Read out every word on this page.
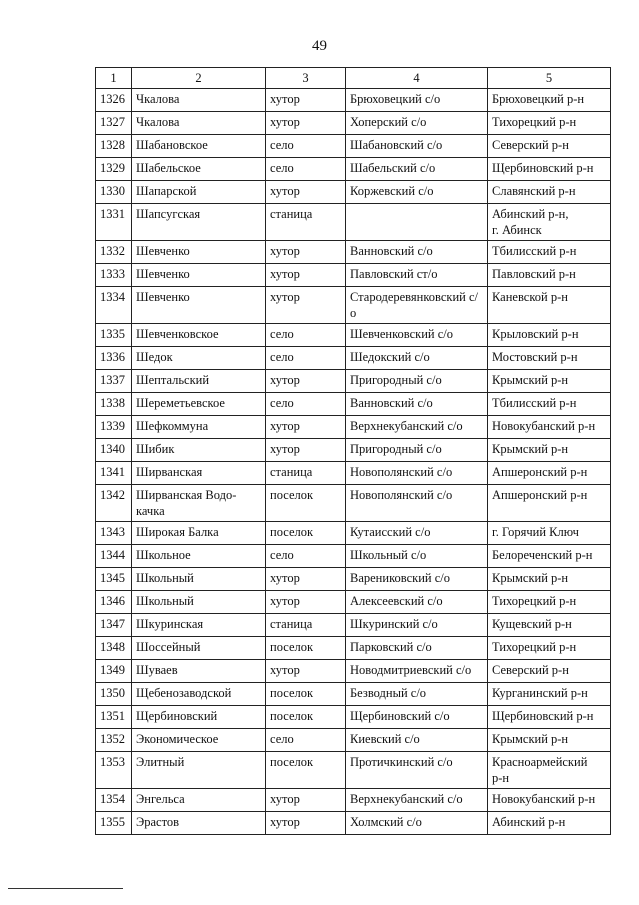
49
1	2	3	4	5
1326	Чкалова	хутор	Брюховецкий с/о	Брюховецкий р-н
1327	Чкалова	хутор	Хоперский с/о	Тихорецкий р-н
1328	Шабановское	село	Шабановский с/о	Северский р-н
1329	Шабельское	село	Шабельский с/о	Щербиновский р-н
1330	Шапарской	хутор	Коржевский с/о	Славянский р-н
1331	Шапсугская	станица		Абинский р-н,
г. Абинск
1332	Шевченко	хутор	Ванновский с/о	Тбилисский р-н
1333	Шевченко	хутор	Павловский ст/о	Павловский р-н
1334	Шевченко	хутор	Стародеревянковский с/о	Каневской р-н
1335	Шевченковское	село	Шевченковский с/о	Крыловский р-н
1336	Шедок	село	Шедокский с/о	Мостовский р-н
1337	Шептальский	хутор	Пригородный с/о	Крымский р-н
1338	Шереметьевское	село	Ванновский с/о	Тбилисский р-н
1339	Шефкоммуна	хутор	Верхнекубанский с/о	Новокубанский р-н
1340	Шибик	хутор	Пригородный с/о	Крымский р-н
1341	Ширванская	станица	Новополянский с/о	Апшеронский р-н
1342	Ширванская Водо-
качка	поселок	Новополянский с/о	Апшеронский р-н
1343	Широкая Балка	поселок	Кутаисский с/о	г. Горячий Ключ
1344	Школьное	село	Школьный с/о	Белореченский р-н
1345	Школьный	хутор	Варениковский с/о	Крымский р-н
1346	Школьный	хутор	Алексеевский с/о	Тихорецкий р-н
1347	Шкуринская	станица	Шкуринский с/о	Кущевский р-н
1348	Шоссейный	поселок	Парковский с/о	Тихорецкий р-н
1349	Шуваев	хутор	Новодмитриевский с/о	Северский р-н
1350	Щебенозаводской	поселок	Безводный с/о	Курганинский р-н
1351	Щербиновский	поселок	Щербиновский с/о	Щербиновский р-н
1352	Экономическое	село	Киевский с/о	Крымский р-н
1353	Элитный	поселок	Протичкинский с/о	Красноармейский
р-н
1354	Энгельса	хутор	Верхнекубанский с/о	Новокубанский р-н
1355	Эрастов	хутор	Холмский с/о	Абинский р-н
